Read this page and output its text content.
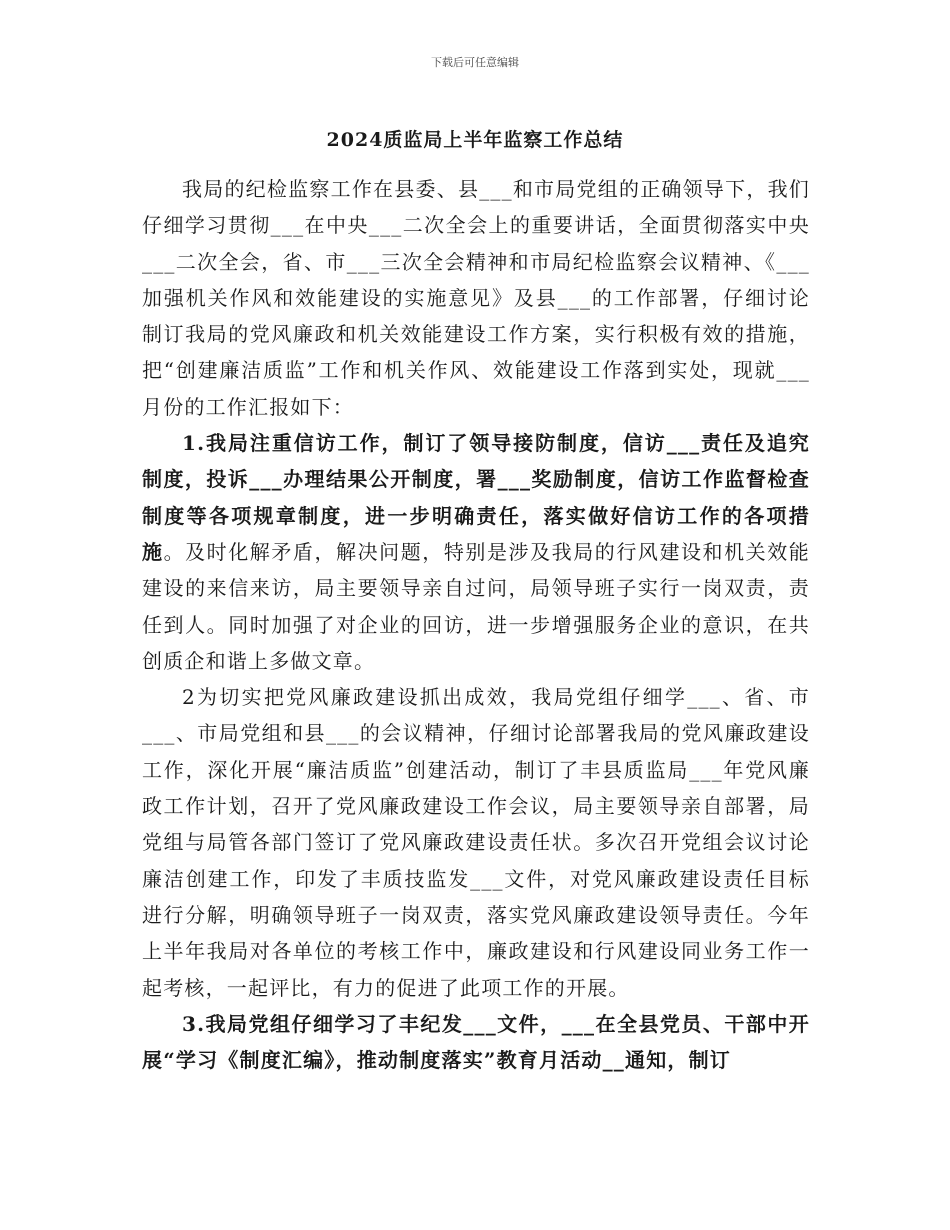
下载后可任意编辑
2024质监局上半年监察工作总结

我局的纪检监察工作在县委、县___和市局党组的正确领导下，我们仔细学习贯彻___在中央___二次全会上的重要讲话，全面贯彻落实中央___二次全会，省、市___三次全会精神和市局纪检监察会议精神、《___加强机关作风和效能建设的实施意见》及县___的工作部署，仔细讨论制订我局的党风廉政和机关效能建设工作方案，实行积极有效的措施，把“创建廉洁质监”工作和机关作风、效能建设工作落到实处，现就___月份的工作汇报如下：

1.我局注重信访工作，制订了领导接防制度，信访___责任及追究制度，投诉___办理结果公开制度，署___奖励制度，信访工作监督检查制度等各项规章制度，进一步明确责任，落实做好信访工作的各项措施。及时化解矛盾，解决问题，特别是涉及我局的行风建设和机关效能建设的来信来访，局主要领导亲自过问，局领导班子实行一岗双责，责任到人。同时加强了对企业的回访，进一步增强服务企业的意识，在共创质企和谐上多做文章。

2为切实把党风廉政建设抓出成效，我局党组仔细学___、省、市___、市局党组和县___的会议精神，仔细讨论部署我局的党风廉政建设工作，深化开展“廉洁质监”创建活动，制订了丰县质监局___年党风廉政工作计划，召开了党风廉政建设工作会议，局主要领导亲自部署，局党组与局管各部门签订了党风廉政建设责任状。多次召开党组会议讨论廉洁创建工作，印发了丰质技监发___文件，对党风廉政建设责任目标进行分解，明确领导班子一岗双责，落实党风廉政建设领导责任。今年上半年我局对各单位的考核工作中，廉政建设和行风建设同业务工作一起考核，一起评比，有力的促进了此项工作的开展。

3.我局党组仔细学习了丰纪发___文件，___在全县党员、干部中开展“学习《制度汇编》，推动制度落实”教育月活动__通知，制订
